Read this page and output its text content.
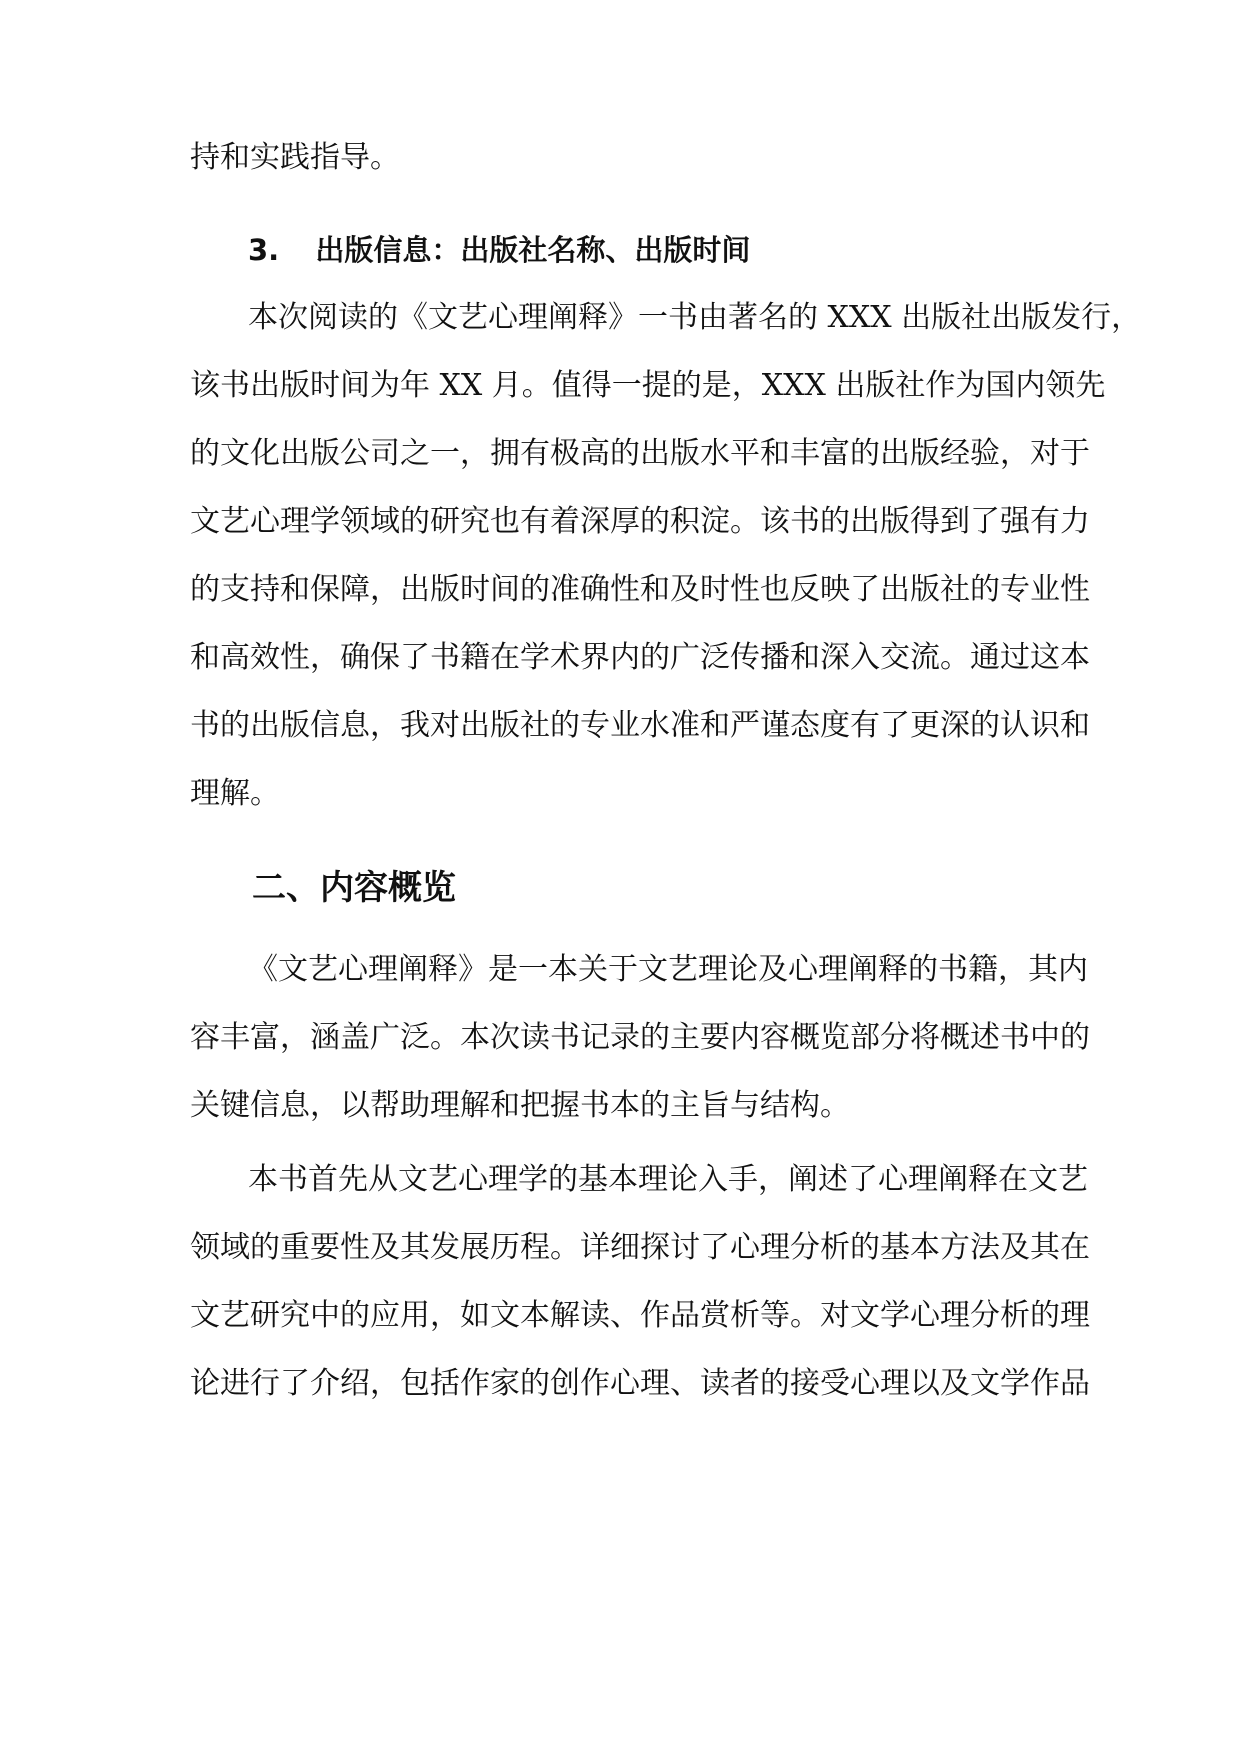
持和实践指导。
3. 出版信息：出版社名称、出版时间
本次阅读的《文艺心理阐释》一书由著名的 XXX 出版社出版发行，
该书出版时间为年 XX 月。值得一提的是，XXX 出版社作为国内领先
的文化出版公司之一，拥有极高的出版水平和丰富的出版经验，对于
文艺心理学领域的研究也有着深厚的积淀。该书的出版得到了强有力
的支持和保障，出版时间的准确性和及时性也反映了出版社的专业性
和高效性，确保了书籍在学术界内的广泛传播和深入交流。通过这本
书的出版信息，我对出版社的专业水准和严谨态度有了更深的认识和
理解。
二、内容概览
《文艺心理阐释》是一本关于文艺理论及心理阐释的书籍，其内
容丰富，涵盖广泛。本次读书记录的主要内容概览部分将概述书中的
关键信息，以帮助理解和把握书本的主旨与结构。
本书首先从文艺心理学的基本理论入手，阐述了心理阐释在文艺
领域的重要性及其发展历程。详细探讨了心理分析的基本方法及其在
文艺研究中的应用，如文本解读、作品赏析等。对文学心理分析的理
论进行了介绍，包括作家的创作心理、读者的接受心理以及文学作品
